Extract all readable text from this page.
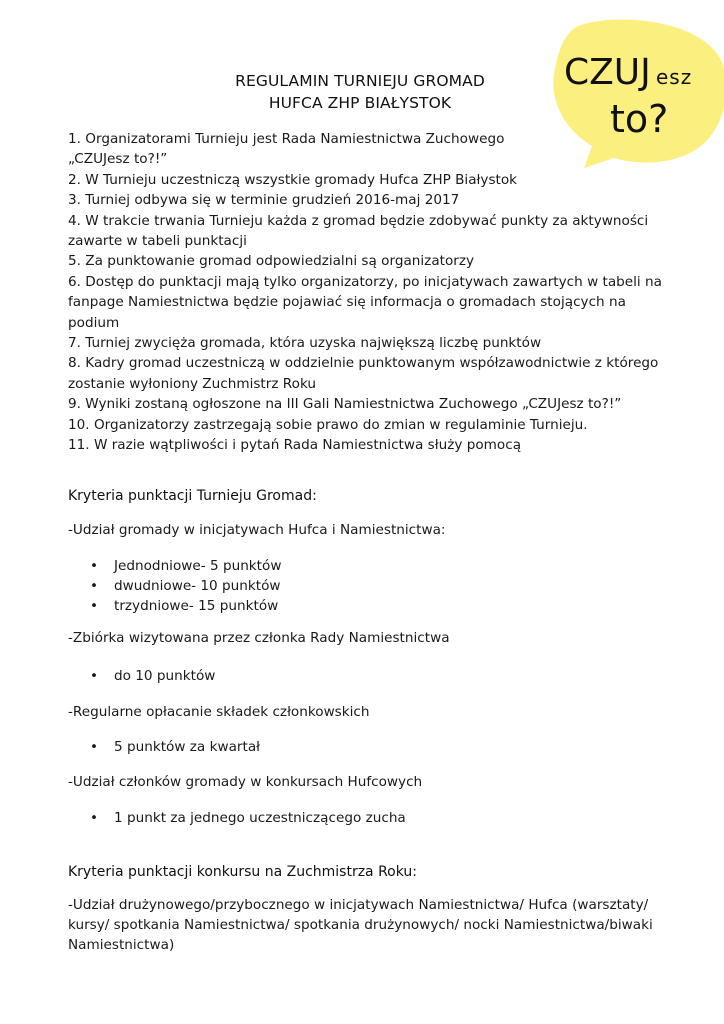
CZUJ esz
to?
REGULAMIN TURNIEJU GROMAD
HUFCA ZHP BIAŁYSTOK
1. Organizatorami Turnieju jest Rada Namiestnictwa Zuchowego
„CZUJesz to?!”
2. W Turnieju uczestniczą wszystkie gromady Hufca ZHP Białystok
3. Turniej odbywa się w terminie grudzień 2016-maj 2017
4. W trakcie trwania Turnieju każda z gromad będzie zdobywać punkty za aktywności
zawarte w tabeli punktacji
5. Za punktowanie gromad odpowiedzialni są organizatorzy
6. Dostęp do punktacji mają tylko organizatorzy, po inicjatywach zawartych w tabeli na
fanpage Namiestnictwa będzie pojawiać się informacja o gromadach stojących na
podium
7. Turniej zwycięża gromada, która uzyska największą liczbę punktów
8. Kadry gromad uczestniczą w oddzielnie punktowanym współzawodnictwie z którego
zostanie wyłoniony Zuchmistrz Roku
9. Wyniki zostaną ogłoszone na III Gali Namiestnictwa Zuchowego „CZUJesz to?!”
10. Organizatorzy zastrzegają sobie prawo do zmian w regulaminie Turnieju.
11. W razie wątpliwości i pytań Rada Namiestnictwa służy pomocą
Kryteria punktacji Turnieju Gromad:
-Udział gromady w inicjatywach Hufca i Namiestnictwa:
• Jednodniowe- 5 punktów
• dwudniowe- 10 punktów
• trzydniowe- 15 punktów
-Zbiórka wizytowana przez członka Rady Namiestnictwa
• do 10 punktów
-Regularne opłacanie składek członkowskich
• 5 punktów za kwartał
-Udział członków gromady w konkursach Hufcowych
• 1 punkt za jednego uczestniczącego zucha
Kryteria punktacji konkursu na Zuchmistrza Roku:
-Udział drużynowego/przybocznego w inicjatywach Namiestnictwa/ Hufca (warsztaty/
kursy/ spotkania Namiestnictwa/ spotkania drużynowych/ nocki Namiestnictwa/biwaki
Namiestnictwa)
